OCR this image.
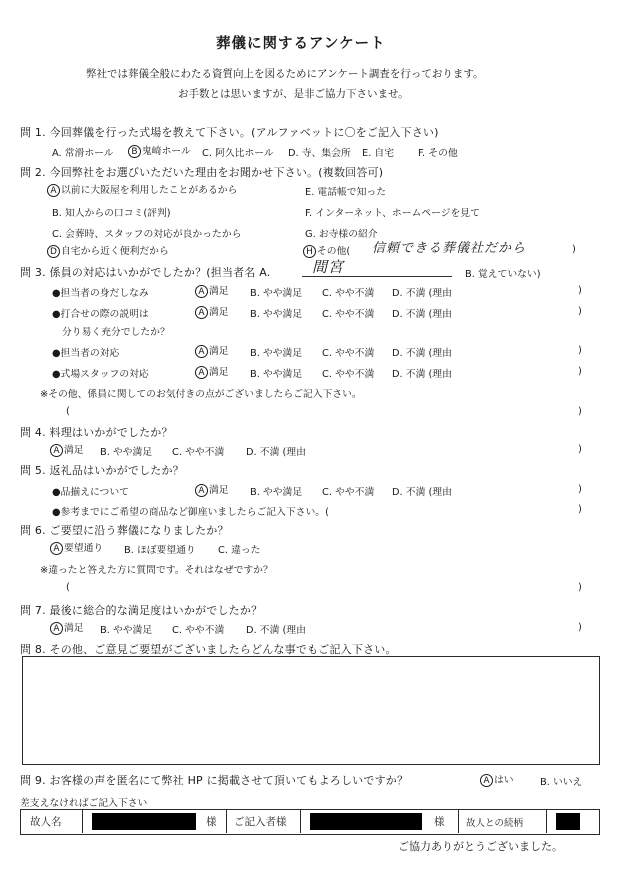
葬儀に関するアンケート
弊社では葬儀全般にわたる資質向上を図るためにアンケート調査を行っております。
お手数とは思いますが、是非ご協力下さいませ。
問 1. 今回葬儀を行った式場を教えて下さい。(アルファベットに〇をご記入下さい)
A. 常滑ホール	B 鬼崎ホール C. 阿久比ホール D. 寺、集会所 E. 自宅 F. その他
問 2. 今回弊社をお選びいただいた理由をお聞かせ下さい。(複数回答可)
A 以前に大阪屋を利用したことがあるから	E. 電話帳で知った
B. 知人からの口コミ(評判)	F. インターネット、ホームページを見て
C. 会葬時、スタッフの対応が良かったから	G. お寺様の紹介
D 自宅から近く便利だから	H その他( 信頼できる葬儀社だから	)
問 3. 係員の対応はいかがでしたか？(担当者名 A.	間宮	B. 覚えていない)
●担当者の身だしなみ	A 満足 B. やや満足 C. やや不満 D. 不満 (理由	)
●打合せの際の説明は
分り易く充分でしたか？
A 満足 B. やや満足 C. やや不満 D. 不満 (理由	)
●担当者の対応	A 満足 B. やや満足 C. やや不満 D. 不満 (理由	)
●式場スタッフの対応	A 満足 B. やや満足 C. やや不満 D. 不満 (理由	)
※その他、係員に関してのお気付きの点がございましたらご記入下さい。
(	)
問 4. 料理はいかがでしたか？
A 満足 B. やや満足 C. やや不満 D. 不満 (理由	)
問 5. 返礼品はいかがでしたか？
●品揃えについて	A 満足 B. やや満足 C. やや不満 D. 不満 (理由	)
●参考までにご希望の商品など御座いましたらご記入下さい。(	)
問 6. ご要望に沿う葬儀になりましたか？
A 要望通り B. ほぼ要望通り C. 違った
※違ったと答えた方に質問です。それはなぜですか？
(	)
問 7. 最後に総合的な満足度はいかがでしたか？
A 満足 B. やや満足 C. やや不満 D. 不満 (理由	)
問 8. その他、ご意見ご要望がございましたらどんな事でもご記入下さい。
問 9. お客様の声を匿名にて弊社 HP に掲載させて頂いてもよろしいですか？	A はい	B. いいえ
差支えなければご記入下さい
故人名	様 ご記入者様	様 故人との続柄
ご協力ありがとうございました。
